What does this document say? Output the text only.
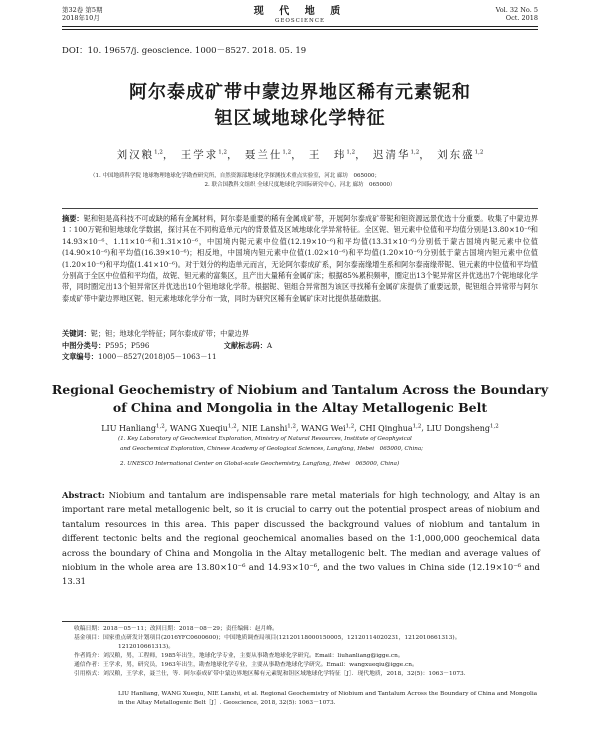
第32卷 第5期
2018年10月
现 代 地 质
GEOSCIENCE
Vol. 32 No. 5
Oct. 2018
DOI：10. 19657/j. geoscience. 1000－8527. 2018. 05. 19
阿尔泰成矿带中蒙边界地区稀有元素铌和
钽区域地球化学特征
刘汉粮$^{1,2}$， 王学求$^{1,2}$， 聂兰仕$^{1,2}$， 王　玮$^{1,2}$， 迟清华$^{1,2}$， 刘东盛$^{1,2}$
（1. 中国地质科学院 地球物理地球化学勘查研究所，自然资源部地球化学探测技术重点实验室，河北 廊坊　065000；
2. 联合国教科文组织 全球尺度地球化学国际研究中心，河北 廊坊　065000）
摘要：铌和钽是高科技不可或缺的稀有金属材料，阿尔泰是重要的稀有金属成矿带，开展阿尔泰成矿带铌和钽资源远景优选十分重要。收集了中蒙边界1∶100万铌和钽地球化学数据，探讨其在不同构造单元内的背景值及区域地球化学异常特征。全区铌、钽元素中位值和平均值分别是13.80×10⁻⁶和14.93×10⁻⁶、1.11×10⁻⁶和1.31×10⁻⁶，中国境内铌元素中位值(12.19×10⁻⁶)和平均值(13.31×10⁻⁶)分别低于蒙古国境内铌元素中位值(14.90×10⁻⁶)和平均值(16.39×10⁻⁶)；相反地，中国境内钽元素中位值(1.02×10⁻⁶)和平均值(1.20×10⁻⁶)分别低于蒙古国境内钽元素中位值(1.20×10⁻⁶)和平均值(1.41×10⁻⁶)。对于划分的构造单元而言，无论阿尔泰成矿系，阿尔泰南缘增生系和阿尔泰南缘带铌、钽元素的中位值和平均值分别高于全区中位值和平均值，故铌、钽元素的富集区，且产出大量稀有金属矿床；根据85%累积频率，圈定出13个铌异常区并优选出7个铌地球化学带，同时圈定出13个钽异常区并优选出10个钽地球化学带。根据铌、钽组合异常图为该区寻找稀有金属矿床提供了重要远景，铌钽组合异常带与阿尔泰成矿带中蒙边界地区铌、钽元素地球化学分布一致，同时为研究区稀有金属矿床对比提供基础数据。
关键词：铌；钽；地球化学特征；阿尔泰成矿带；中蒙边界
中图分类号：P595；P596	文献标志码：A 文章编号：1000－8527(2018)05－1063－11
Regional Geochemistry of Niobium and Tantalum Across the Boundary
of China and Mongolia in the Altay Metallogenic Belt
LIU Hanliang$^{1,2}$, WANG Xueqiu$^{1,2}$, NIE Lanshi$^{1,2}$, WANG Wei$^{1,2}$, CHI Qinghua$^{1,2}$, LIU Dongsheng$^{1,2}$
(1. Key Laboratory of Geochemical Exploration, Ministry of Natural Resources, Institute of Geophysical
and Geochemical Exploration, Chinese Academy of Geological Sciences, Langfang, Hebei　065000, China;
2. UNESCO International Center on Global-scale Geochemistry, Langfang, Hebei　065000, China)
Abstract: Niobium and tantalum are indispensable rare metal materials for high technology, and Altay is an important rare metal metallogenic belt, so it is crucial to carry out the potential prospect areas of niobium and tantalum resources in this area. This paper discussed the background values of niobium and tantalum in different tectonic belts and the regional geochemical anomalies based on the 1∶1,000,000 geochemical data across the boundary of China and Mongolia in the Altay metallogenic belt. The median and average values of niobium in the whole area are 13.80×10⁻⁶ and 14.93×10⁻⁶, and the two values in China side (12.19×10⁻⁶ and 13.31
收稿日期：2018－05－11；改回日期：2018－08－29；责任编辑：赵月峰。
基金项目：国家重点研发计划项目(2016YFC0600600)；中国地质调查局项目(12120118000150005，12120114020231，1212010661313)。
1212010661313)。
作者简介：刘汉粮，男，工程师，1985年出生，地球化学专业，主要从事勘查地球化学研究。Email：liuhanliang@igge.cn。
通信作者：王学求，男，研究员，1963年出生，勘查地球化学专业，主要从事勘查地球化学研究。Email：wangxueqiu@igge.cn。
引用格式：刘汉粮，王学求，聂兰仕，等．阿尔泰成矿带中蒙边界地区稀有元素铌和钽区域地球化学特征［J］．现代地质，2018，32(5)：1063－1073.
LIU Hanliang, WANG Xueqiu, NIE Lanshi, et al. Regional Geochemistry of Niobium and Tantalum Across the Boundary of China and Mongolia in the Altay Metallogenic Belt［J］. Geoscience, 2018, 32(5): 1063－1073.
